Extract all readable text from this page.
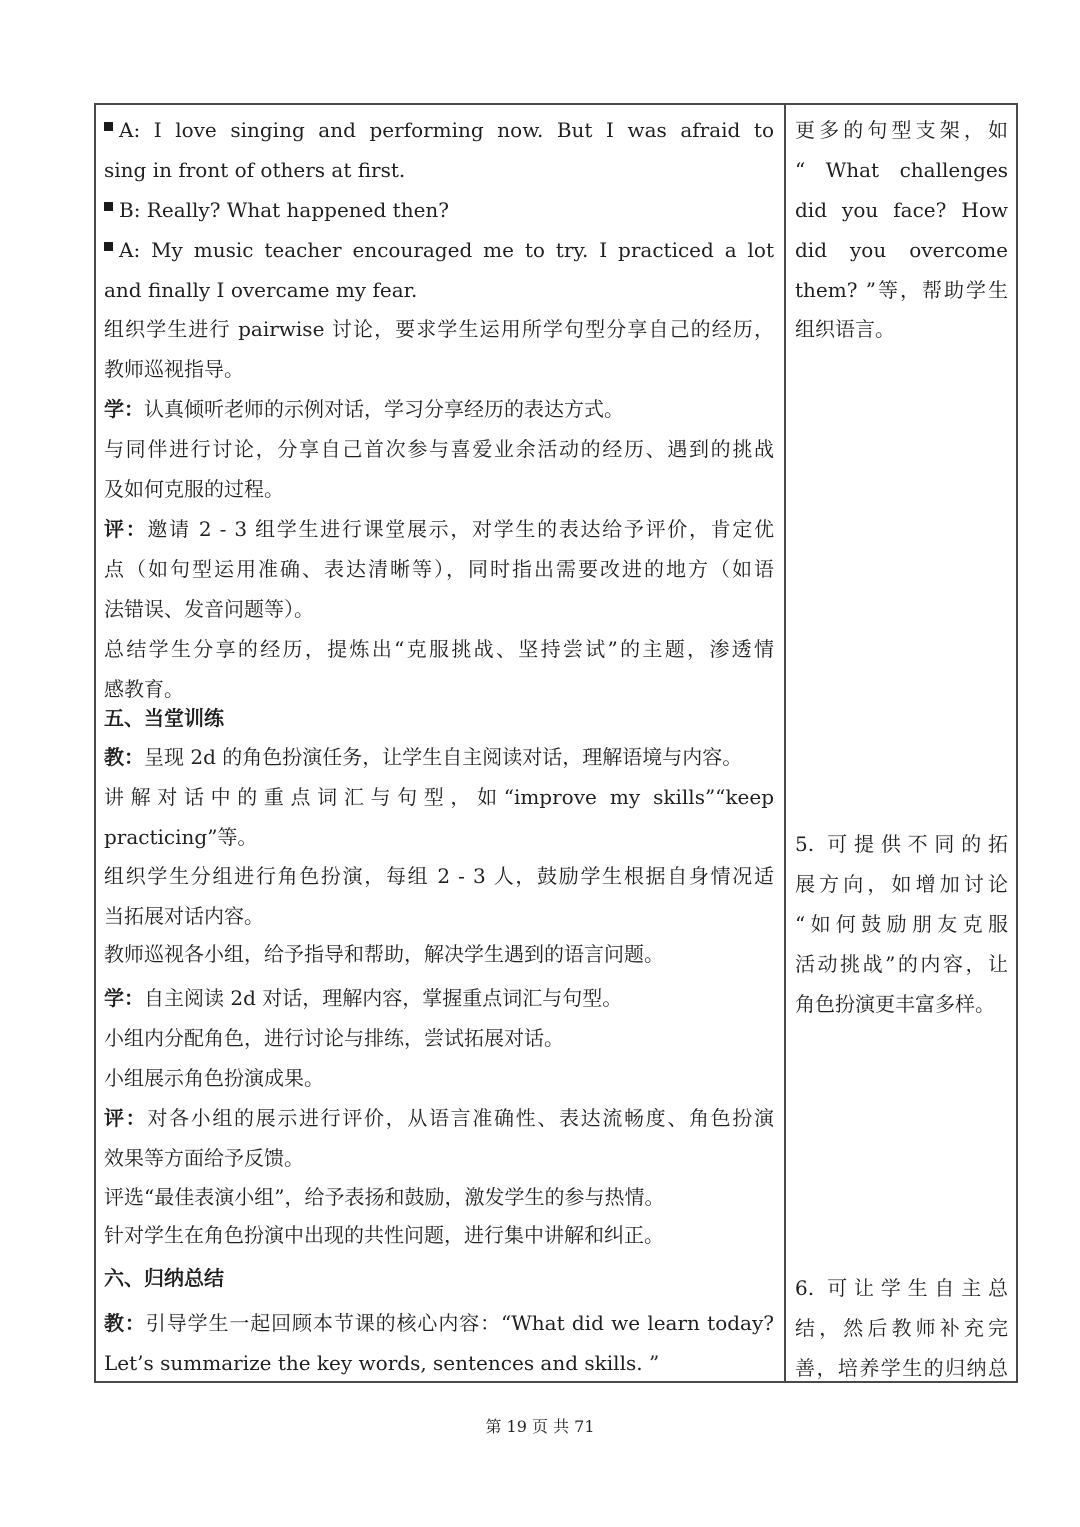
A: I love singing and performing now. But I was afraid to
sing in front of others at first.
B: Really? What happened then?
A: My music teacher encouraged me to try. I practiced a lot
and finally I overcame my fear.
组织学生进行 pairwise 讨论，要求学生运用所学句型分享自己的经历，
教师巡视指导。
学：认真倾听老师的示例对话，学习分享经历的表达方式。
与同伴进行讨论，分享自己首次参与喜爱业余活动的经历、遇到的挑战
及如何克服的过程。
评：邀请 2 - 3 组学生进行课堂展示，对学生的表达给予评价，肯定优
点（如句型运用准确、表达清晰等），同时指出需要改进的地方（如语
法错误、发音问题等）。
总结学生分享的经历，提炼出“克服挑战、坚持尝试”的主题，渗透情
感教育。
五、当堂训练
教：呈现 2d 的角色扮演任务，让学生自主阅读对话，理解语境与内容。
讲解对话中的重点词汇与句型，如“improve my skills”“keep
practicing”等。
组织学生分组进行角色扮演，每组 2 - 3 人，鼓励学生根据自身情况适
当拓展对话内容。
教师巡视各小组，给予指导和帮助，解决学生遇到的语言问题。
学：自主阅读 2d 对话，理解内容，掌握重点词汇与句型。
小组内分配角色，进行讨论与排练，尝试拓展对话。
小组展示角色扮演成果。
评：对各小组的展示进行评价，从语言准确性、表达流畅度、角色扮演
效果等方面给予反馈。
评选“最佳表演小组”，给予表扬和鼓励，激发学生的参与热情。
针对学生在角色扮演中出现的共性问题，进行集中讲解和纠正。
六、归纳总结
教：引导学生一起回顾本节课的核心内容：“What did we learn today?
Let’s summarize the key words, sentences and skills. ”
更多的句型支架，如
“ What challenges
did you face? How
did you overcome
them? ”等，帮助学生
组织语言。
5. 可提供不同的拓
展方向，如增加讨论
“如何鼓励朋友克服
活动挑战”的内容，让
角色扮演更丰富多样。
6. 可让学生自主总
结，然后教师补充完
善，培养学生的归纳总
第 19 页 共 71
